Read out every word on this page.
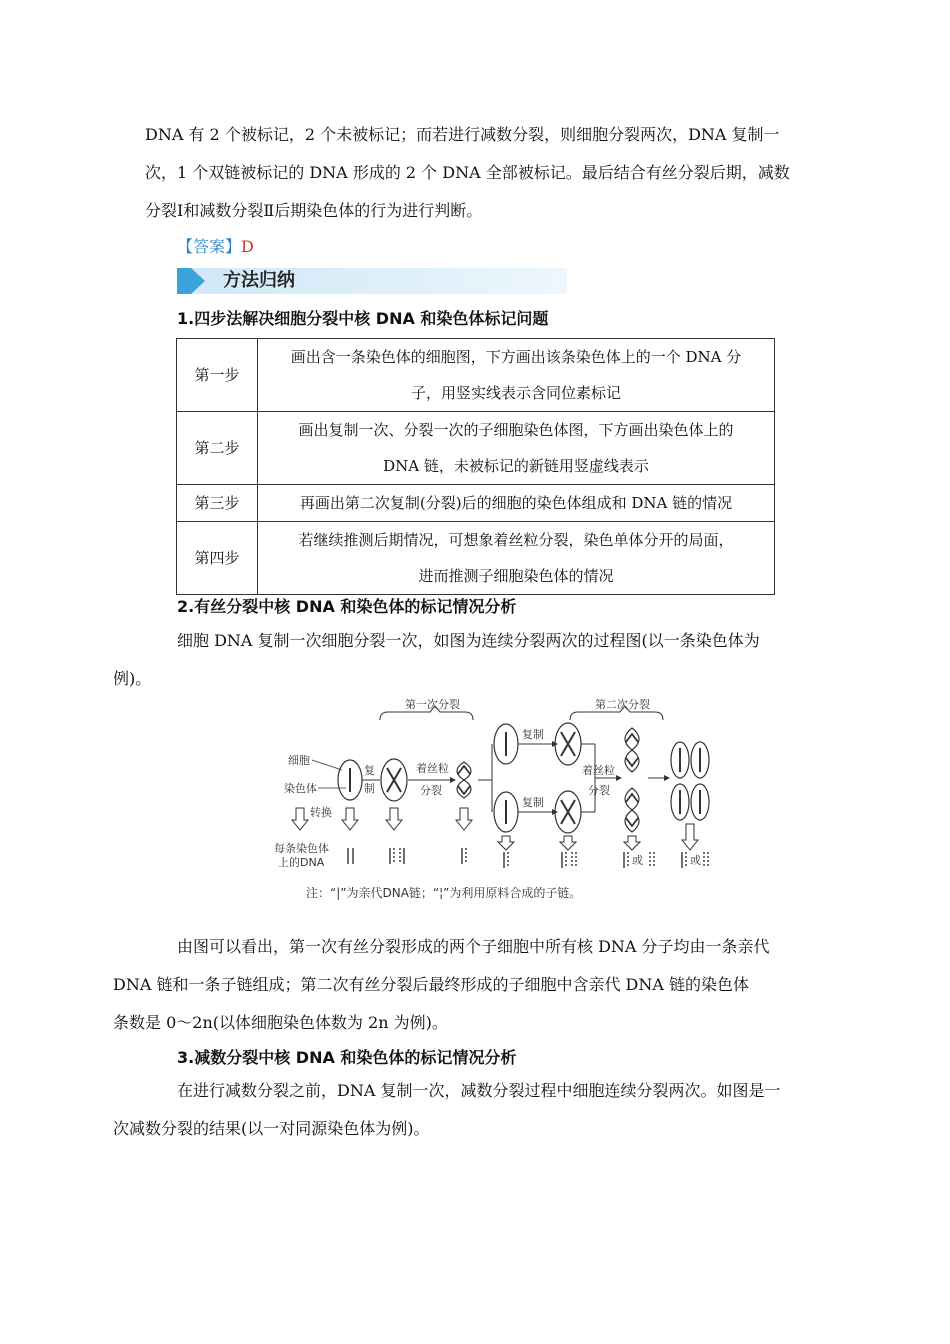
DNA 有 2 个被标记，2 个未被标记；而若进行减数分裂，则细胞分裂两次，DNA 复制一
次，1 个双链被标记的 DNA 形成的 2 个 DNA 全部被标记。最后结合有丝分裂后期，减数
分裂Ⅰ和减数分裂Ⅱ后期染色体的行为进行判断。
【答案】D
方法归纳
1.四步法解决细胞分裂中核 DNA 和染色体标记问题
第一步	画出含一条染色体的细胞图，下方画出该条染色体上的一个 DNA 分
子，用竖实线表示含同位素标记

第二步	画出复制一次、分裂一次的子细胞染色体图，下方画出染色体上的
DNA 链，未被标记的新链用竖虚线表示

第三步	再画出第二次复制(分裂)后的细胞的染色体组成和 DNA 链的情况

第四步	若继续推测后期情况，可想象着丝粒分裂，染色单体分开的局面，
进而推测子细胞染色体的情况
2.有丝分裂中核 DNA 和染色体的标记情况分析
细胞 DNA 复制一次细胞分裂一次，如图为连续分裂两次的过程图(以一条染色体为
例)。
第一次分裂	第二次分裂
细胞
染色体
复
制
着丝粒
分裂
复制
复制
着丝粒
分裂
转换
每条染色体
上的DNA	或	或
注：“|”为亲代DNA链；“¦”为利用原料合成的子链。
由图可以看出，第一次有丝分裂形成的两个子细胞中所有核 DNA 分子均由一条亲代
DNA 链和一条子链组成；第二次有丝分裂后最终形成的子细胞中含亲代 DNA 链的染色体
条数是 0～2n(以体细胞染色体数为 2n 为例)。
3.减数分裂中核 DNA 和染色体的标记情况分析
在进行减数分裂之前，DNA 复制一次，减数分裂过程中细胞连续分裂两次。如图是一
次减数分裂的结果(以一对同源染色体为例)。
